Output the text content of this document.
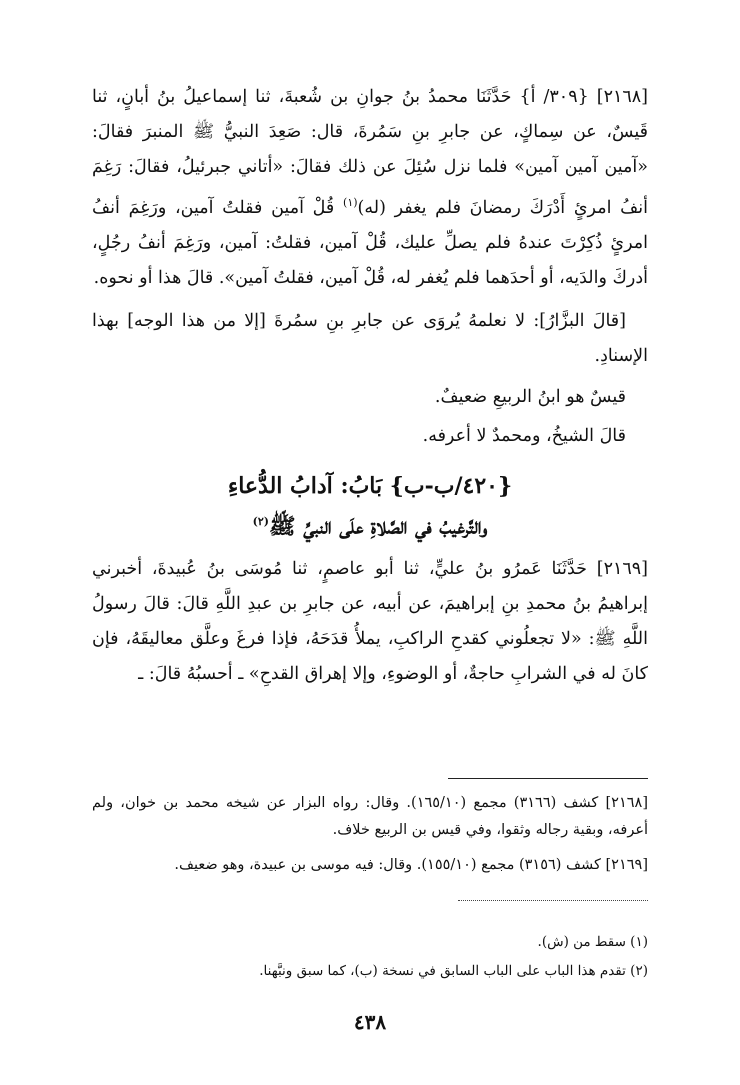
[٢١٦٨] {٣٠٩/ أ} حَدَّثَنَا محمدُ بنُ جوانِ بن شُعبةَ، ثنا إسماعيلُ بنُ أبانٍ، ثنا قَيسٌ، عن سِماكٍ، عن جابرِ بنِ سَمُرةَ، قال: صَعِدَ النبيُّ ﷺ المنبرَ فقالَ: «آمين آمين آمين» فلما نزل سُئِلَ عن ذلك فقالَ: «أتاني جبرئيلُ، فقالَ: رَغِمَ أنفُ امرئٍ أَدْرَكَ رمضانَ فلم يغفر (له)$^{(١)}$ قُلْ آمين فقلتُ آمين، ورَغِمَ أنفُ امرئٍ ذُكِرْتَ عندهُ فلم يصلِّ عليك، قُلْ آمين، فقلتُ: آمين، ورَغِمَ أنفُ رجُلٍ، أدركَ والدَيه، أو أحدَهما فلم يُغفر له، قُلْ آمين، فقلتُ آمين». قالَ هذا أو نحوه.

[قالَ البزَّارُ]: لا نعلمهُ يُروَى عن جابرِ بنِ سمُرةَ [إلا من هذا الوجه] بهذا الإسنادِ.

قيسٌ هو ابنُ الربيعِ ضعيفٌ.

قالَ الشيخُ، ومحمدٌ لا أعرفه.

{٤٢٠/ب-ب} بَابُ: آدابُ الدُّعاءِ
والتَّرغيبُ في الصَّلاةِ علَى النبيِّ ﷺ$^{(٢)}$

[٢١٦٩] حَدَّثَنَا عَمرُو بنُ عليٍّ، ثنا أبو عاصمٍ، ثنا مُوسَى بنُ عُبيدةَ، أخبرني إبراهيمُ بنُ محمدِ بنِ إبراهيمَ، عن أبيه، عن جابرِ بن عبدِ اللَّهِ قالَ: قالَ رسولُ اللَّهِ ﷺ: «لا تجعلُوني كقدحِ الراكبِ، يملأُ قدَحَهُ، فإذا فرغَ وعلَّق معاليقَهُ، فإن كانَ له في الشرابِ حاجةٌ، أو الوضوءِ، وإلا إهراق القدحِ» ـ أحسبُهُ قالَ: ـ

[٢١٦٨] كشف (٣١٦٦) مجمع (١٦٥/١٠). وقال: رواه البزار عن شيخه محمد بن خوان، ولم أعرفه، وبقية رجاله وثقوا، وفي قيس بن الربيع خلاف.

[٢١٦٩] كشف (٣١٥٦) مجمع (١٥٥/١٠). وقال: فيه موسى بن عبيدة، وهو ضعيف.

(١) سقط من (ش).

(٢) تقدم هذا الباب على الباب السابق في نسخة (ب)، كما سبق ونبَّهنا.

٤٣٨
